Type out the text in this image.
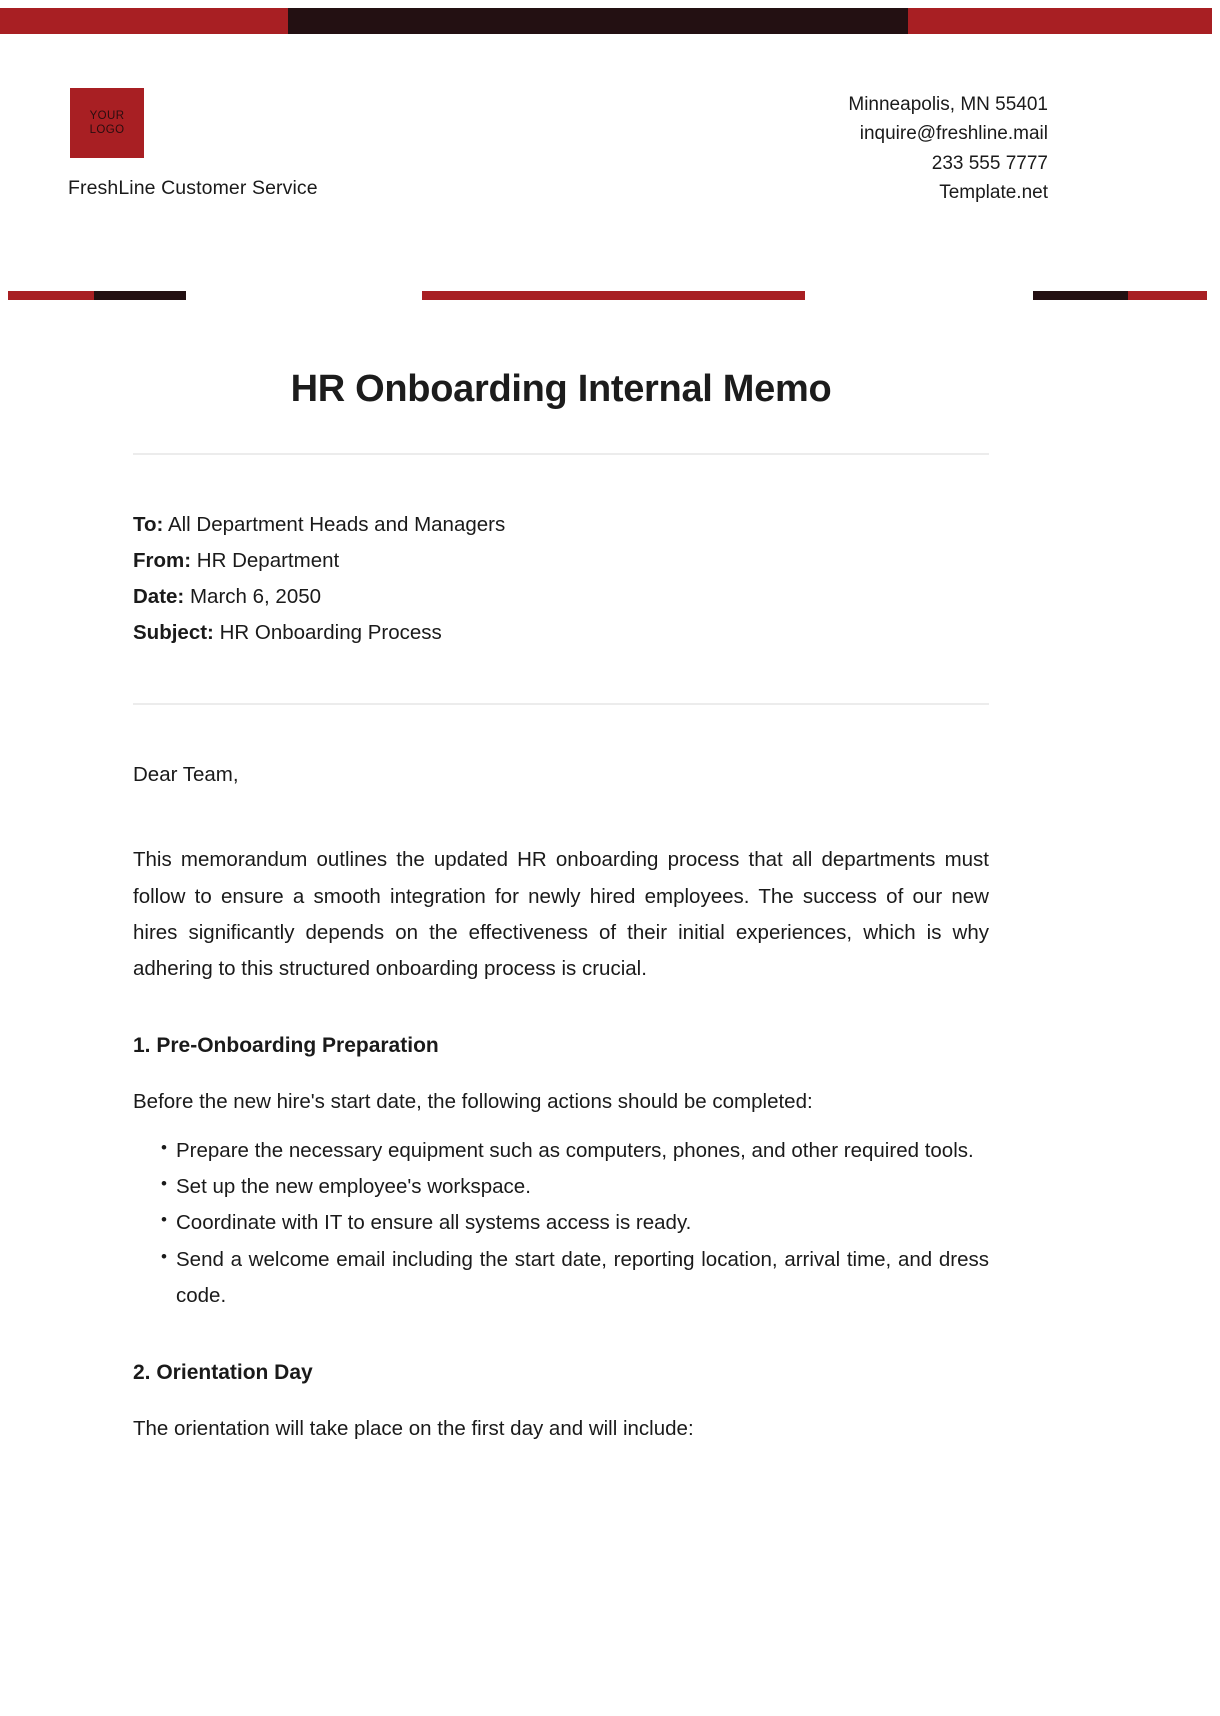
YOUR
LOGO
FreshLine Customer Service
Minneapolis, MN 55401
inquire@freshline.mail
233 555 7777
Template.net
HR Onboarding Internal Memo
To: All Department Heads and Managers
From: HR Department
Date: March 6, 2050
Subject: HR Onboarding Process
Dear Team,

This memorandum outlines the updated HR onboarding process that all departments must follow to ensure a smooth integration for newly hired employees. The success of our new hires significantly depends on the effectiveness of their initial experiences, which is why adhering to this structured onboarding process is crucial.

1. Pre-Onboarding Preparation
Before the new hire's start date, the following actions should be completed:
• Prepare the necessary equipment such as computers, phones, and other required tools.
• Set up the new employee's workspace.
• Coordinate with IT to ensure all systems access is ready.
• Send a welcome email including the start date, reporting location, arrival time, and dress code.
2. Orientation Day
The orientation will take place on the first day and will include:
